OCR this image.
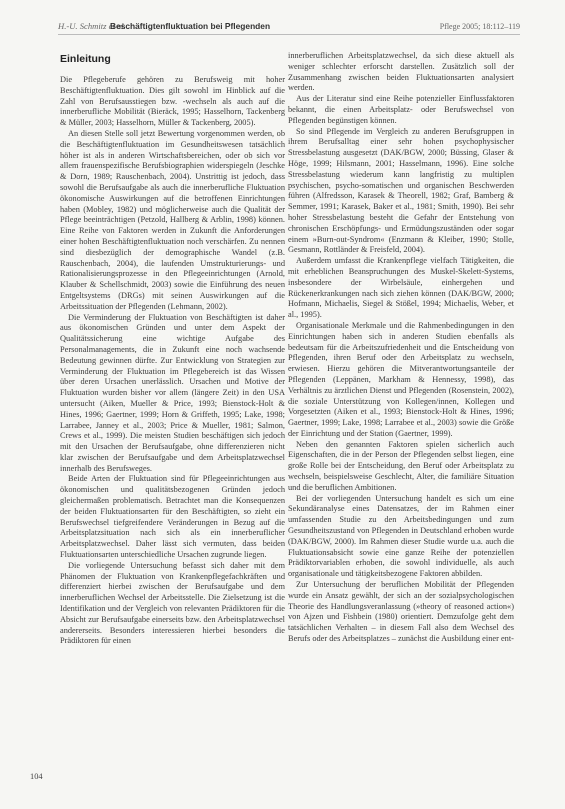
H.-U. Schmitz et al.
Beschäftigtenfluktuation bei Pflegenden	Pflege 2005; 18:112–119
Einleitung

Die Pflegeberufe gehören zu Berufsweig mit hoher Beschäftigtenfluktuation. Dies gilt sowohl im Hinblick auf die Zahl von Berufsausstiegen bzw. -wechseln als auch auf die innerberufliche Mobilität (Bieräck, 1995; Hasselhorn, Tackenberg & Müller, 2003; Hasselhorn, Müller & Tackenberg, 2005).

An diesen Stelle soll jetzt Bewertung vorgenommen werden, ob die Beschäftigtenfluktuation im Gesundheitswesen tatsächlich höher ist als in anderen Wirtschaftsbereichen, oder ob sich vor allem frauenspezifische Berufsbiographien widerspiegeln (Jeschke & Dorn, 1989; Rauschenbach, 2004). Unstrittig ist jedoch, dass sowohl die Berufsaufgabe als auch die innerberufliche Fluktuation ökonomische Auswirkungen auf die betroffenen Einrichtungen haben (Mobley, 1982) und möglicherweise auch die Qualität der Pflege beeinträchtigen (Petzold, Hallberg & Arblin, 1998) können. Eine Reihe von Faktoren werden in Zukunft die Anforderungen einer hohen Beschäftigtenfluktuation noch verschärfen. Zu nennen sind diesbezüglich der demographische Wandel (z.B. Rauschenbach, 2004), die laufenden Umstrukturierungs- und Rationalisierungsprozesse in den Pflegeeinrichtungen (Arnold, Klauber & Schellschmidt, 2003) sowie die Einführung des neuen Entgeltsystems (DRGs) mit seinen Auswirkungen auf die Arbeitssituation der Pflegenden (Lehmann, 2002).

Die Verminderung der Fluktuation von Beschäftigten ist daher aus ökonomischen Gründen und unter dem Aspekt der Qualitätssicherung eine wichtige Aufgabe des Personalmanagements, die in Zukunft eine noch wachsende Bedeutung gewinnen dürfte. Zur Entwicklung von Strategien zur Verminderung der Fluktuation im Pflegebereich ist das Wissen über deren Ursachen unerlässlich. Ursachen und Motive der Fluktuation wurden bisher vor allem (längere Zeit) in den USA untersucht (Aiken, Mueller & Price, 1993; Bienstock-Holt & Hines, 1996; Gaertner, 1999; Horn & Griffeth, 1995; Lake, 1998; Larrabee, Janney et al., 2003; Price & Mueller, 1981; Salmon, Crews et al., 1999). Die meisten Studien beschäftigen sich jedoch mit den Ursachen der Berufsaufgabe, ohne differenzieren nicht klar zwischen der Berufsaufgabe und dem Arbeitsplatzwechsel innerhalb des Berufsweges.

Beide Arten der Fluktuation sind für Pflegeeinrichtungen aus ökonomischen und qualitätsbezogenen Gründen jedoch gleichermaßen problematisch. Betrachtet man die Konsequenzen der beiden Fluktuationsarten für den Beschäftigten, so zieht ein Berufswechsel tiefgreifendere Veränderungen in Bezug auf die Arbeitsplatzsituation nach sich als ein innerberuflicher Arbeitsplatzwechsel. Daher lässt sich vermuten, dass beiden Fluktuationsarten unterschiedliche Ursachen zugrunde liegen.

Die vorliegende Untersuchung befasst sich daher mit dem Phänomen der Fluktuation von Krankenpflegefachkräften und differenziert hierbei zwischen der Berufsaufgabe und dem innerberuflichen Wechsel der Arbeitsstelle. Die Zielsetzung ist die Identifikation und der Vergleich von relevanten Prädiktoren für die Absicht zur Berufsaufgabe einerseits bzw. den Arbeitsplatzwechsel andererseits. Besonders interessieren hierbei besonders die Prädiktoren für einen

innerberuflichen Arbeitsplatzwechsel, da sich diese aktuell als weniger schlechter erforscht darstellen. Zusätzlich soll der Zusammenhang zwischen beiden Fluktuationsarten analysiert werden.

Aus der Literatur sind eine Reihe potenzieller Einflussfaktoren bekannt, die einen Arbeitsplatz- oder Berufswechsel von Pflegenden begünstigen können.

So sind Pflegende im Vergleich zu anderen Berufsgruppen in ihrem Berufsalltag einer sehr hohen psychophysischer Stressbelastung ausgesetzt (DAK/BGW, 2000; Büssing, Glaser & Höge, 1999; Hilsmann, 2001; Hasselmann, 1996). Eine solche Stressbelastung wiederum kann langfristig zu multiplen psychischen, psycho-somatischen und organischen Beschwerden führen (Alfredsson, Karasek & Theorell, 1982; Graf, Bamberg & Semmer, 1991; Karasek, Baker et al., 1981; Smith, 1990). Bei sehr hoher Stressbelastung besteht die Gefahr der Entstehung von chronischen Erschöpfungs- und Ermüdungszuständen oder sogar einem »Burn-out-Syndrom« (Enzmann & Kleiber, 1990; Stolle, Gesmann, Rottländer & Freisfeld, 2004).

Außerdem umfasst die Krankenpflege vielfach Tätigkeiten, die mit erheblichen Beanspruchungen des Muskel-Skelett-Systems, insbesondere der Wirbelsäule, einhergehen und Rückenerkrankungen nach sich ziehen können (DAK/BGW, 2000; Hofmann, Michaelis, Siegel & Stößel, 1994; Michaelis, Weber, et al., 1995).

Organisationale Merkmale und die Rahmenbedingungen in den Einrichtungen haben sich in anderen Studien ebenfalls als bedeutsam für die Arbeitszufriedenheit und die Entscheidung von Pflegenden, ihren Beruf oder den Arbeitsplatz zu wechseln, erwiesen. Hierzu gehören die Mitverantwortungsanteile der Pflegenden (Leppänen, Markham & Hennessy, 1998), das Verhältnis zu ärztlichen Dienst und Pflegenden (Rosenstein, 2002), die soziale Unterstützung von Kollegen/innen, Kollegen und Vorgesetzten (Aiken et al., 1993; Bienstock-Holt & Hines, 1996; Gaertner, 1999; Lake, 1998; Larrabee et al., 2003) sowie die Größe der Einrichtung und der Station (Gaertner, 1999).

Neben den genannten Faktoren spielen sicherlich auch Eigenschaften, die in der Person der Pflegenden selbst liegen, eine große Rolle bei der Entscheidung, den Beruf oder Arbeitsplatz zu wechseln, beispielsweise Geschlecht, Alter, die familiäre Situation und die beruflichen Ambitionen.

Bei der vorliegenden Untersuchung handelt es sich um eine Sekundäranalyse eines Datensatzes, der im Rahmen einer umfassenden Studie zu den Arbeitsbedingungen und zum Gesundheitszustand von Pflegenden in Deutschland erhoben wurde (DAK/BGW, 2000). Im Rahmen dieser Studie wurde u.a. auch die Fluktuationsabsicht sowie eine ganze Reihe der potenziellen Prädiktorvariablen erhoben, die sowohl individuelle, als auch organisationale und tätigkeitsbezogene Faktoren abbilden.

Zur Untersuchung der beruflichen Mobilität der Pflegenden wurde ein Ansatz gewählt, der sich an der sozialpsychologischen Theorie des Handlungsveranlassung (»theory of reasoned action«) von Ajzen und Fishbein (1980) orientiert. Demzufolge geht dem tatsächlichen Verhalten – in diesem Fall also dem Wechsel des Berufs oder des Arbeitsplatzes – zunächst die Ausbildung einer ent-

104
